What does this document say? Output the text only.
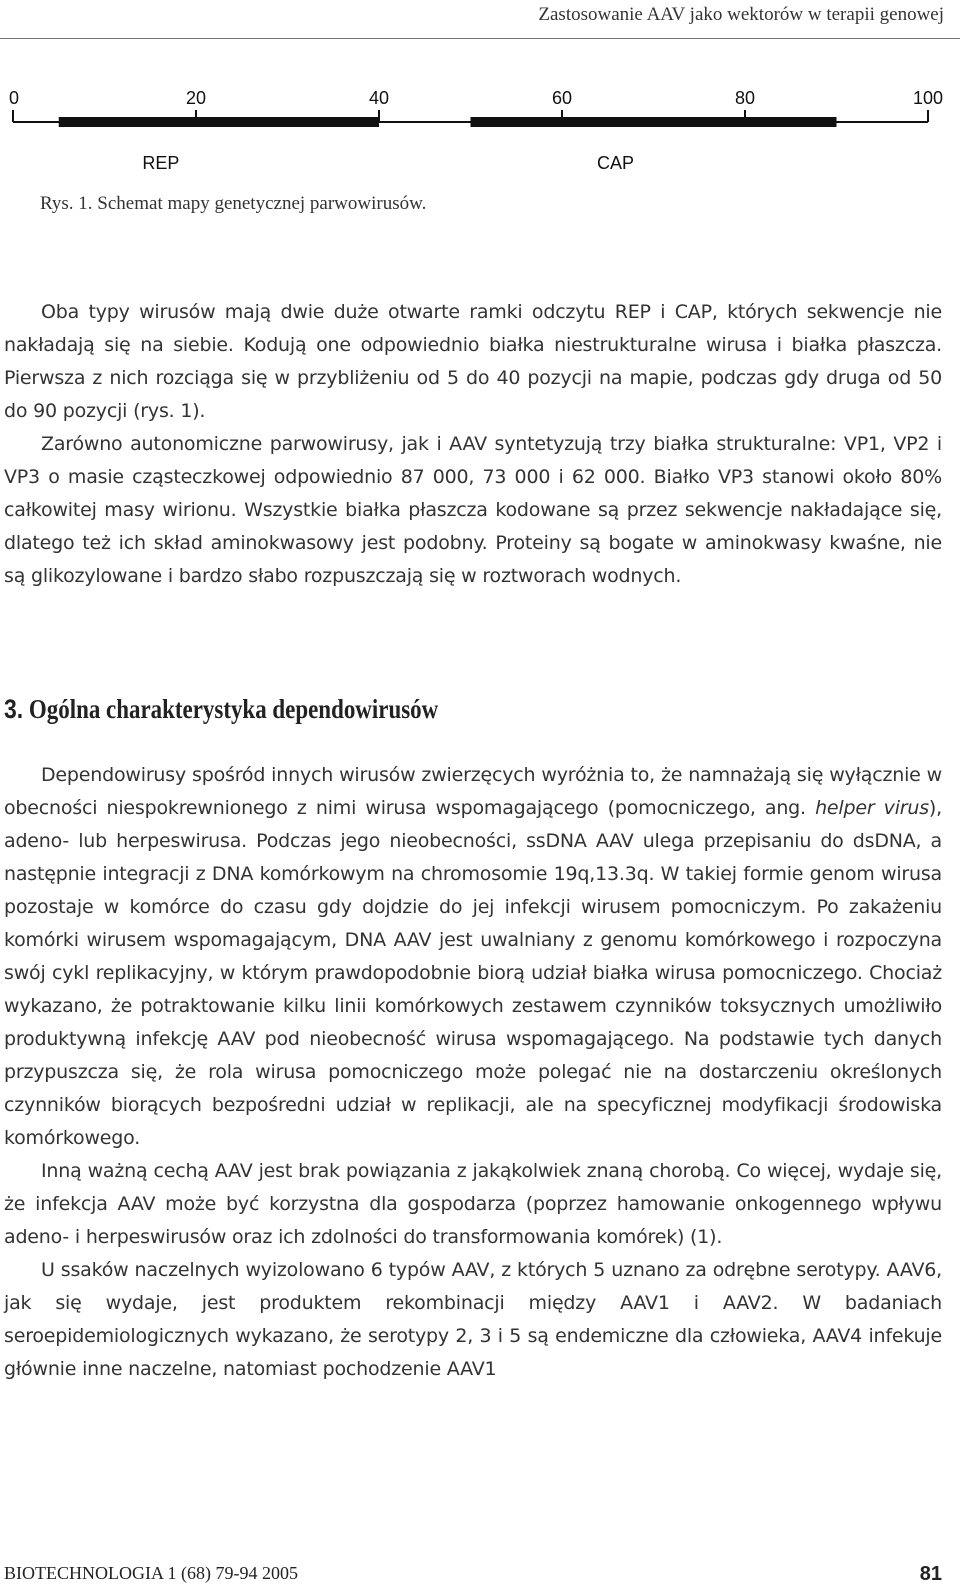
Zastosowanie AAV jako wektorów w terapii genowej
0	20	40	60	80	100
REP	CAP
Rys. 1. Schemat mapy genetycznej parwowirusów.

Oba typy wirusów mają dwie duże otwarte ramki odczytu REP i CAP, których sekwencje nie nakładają się na siebie. Kodują one odpowiednio białka niestrukturalne wirusa i białka płaszcza. Pierwsza z nich rozciąga się w przybliżeniu od 5 do 40 pozycji na mapie, podczas gdy druga od 50 do 90 pozycji (rys. 1).

Zarówno autonomiczne parwowirusy, jak i AAV syntetyzują trzy białka strukturalne: VP1, VP2 i VP3 o masie cząsteczkowej odpowiednio 87 000, 73 000 i 62 000. Białko VP3 stanowi około 80% całkowitej masy wirionu. Wszystkie białka płaszcza kodowane są przez sekwencje nakładające się, dlatego też ich skład aminokwasowy jest podobny. Proteiny są bogate w aminokwasy kwaśne, nie są glikozylowane i bardzo słabo rozpuszczają się w roztworach wodnych.

3. Ogólna charakterystyka dependowirusów

Dependowirusy spośród innych wirusów zwierzęcych wyróżnia to, że namnażają się wyłącznie w obecności niespokrewnionego z nimi wirusa wspomagającego (pomocniczego, ang. helper virus), adeno- lub herpeswirusa. Podczas jego nieobecności, ssDNA AAV ulega przepisaniu do dsDNA, a następnie integracji z DNA komórkowym na chromosomie 19q,13.3q. W takiej formie genom wirusa pozostaje w komórce do czasu gdy dojdzie do jej infekcji wirusem pomocniczym. Po zakażeniu komórki wirusem wspomagającym, DNA AAV jest uwalniany z genomu komórkowego i rozpoczyna swój cykl replikacyjny, w którym prawdopodobnie biorą udział białka wirusa pomocniczego. Chociaż wykazano, że potraktowanie kilku linii komórkowych zestawem czynników toksycznych umożliwiło produktywną infekcję AAV pod nieobecność wirusa wspomagającego. Na podstawie tych danych przypuszcza się, że rola wirusa pomocniczego może polegać nie na dostarczeniu określonych czynników biorących bezpośredni udział w replikacji, ale na specyficznej modyfikacji środowiska komórkowego.

Inną ważną cechą AAV jest brak powiązania z jakąkolwiek znaną chorobą. Co więcej, wydaje się, że infekcja AAV może być korzystna dla gospodarza (poprzez hamowanie onkogennego wpływu adeno- i herpeswirusów oraz ich zdolności do transformowania komórek) (1).

U ssaków naczelnych wyizolowano 6 typów AAV, z których 5 uznano za odrębne serotypy. AAV6, jak się wydaje, jest produktem rekombinacji między AAV1 i AAV2. W badaniach seroepidemiologicznych wykazano, że serotypy 2, 3 i 5 są endemiczne dla człowieka, AAV4 infekuje głównie inne naczelne, natomiast pochodzenie AAV1

BIOTECHNOLOGIA 1 (68) 79-94 2005	81
